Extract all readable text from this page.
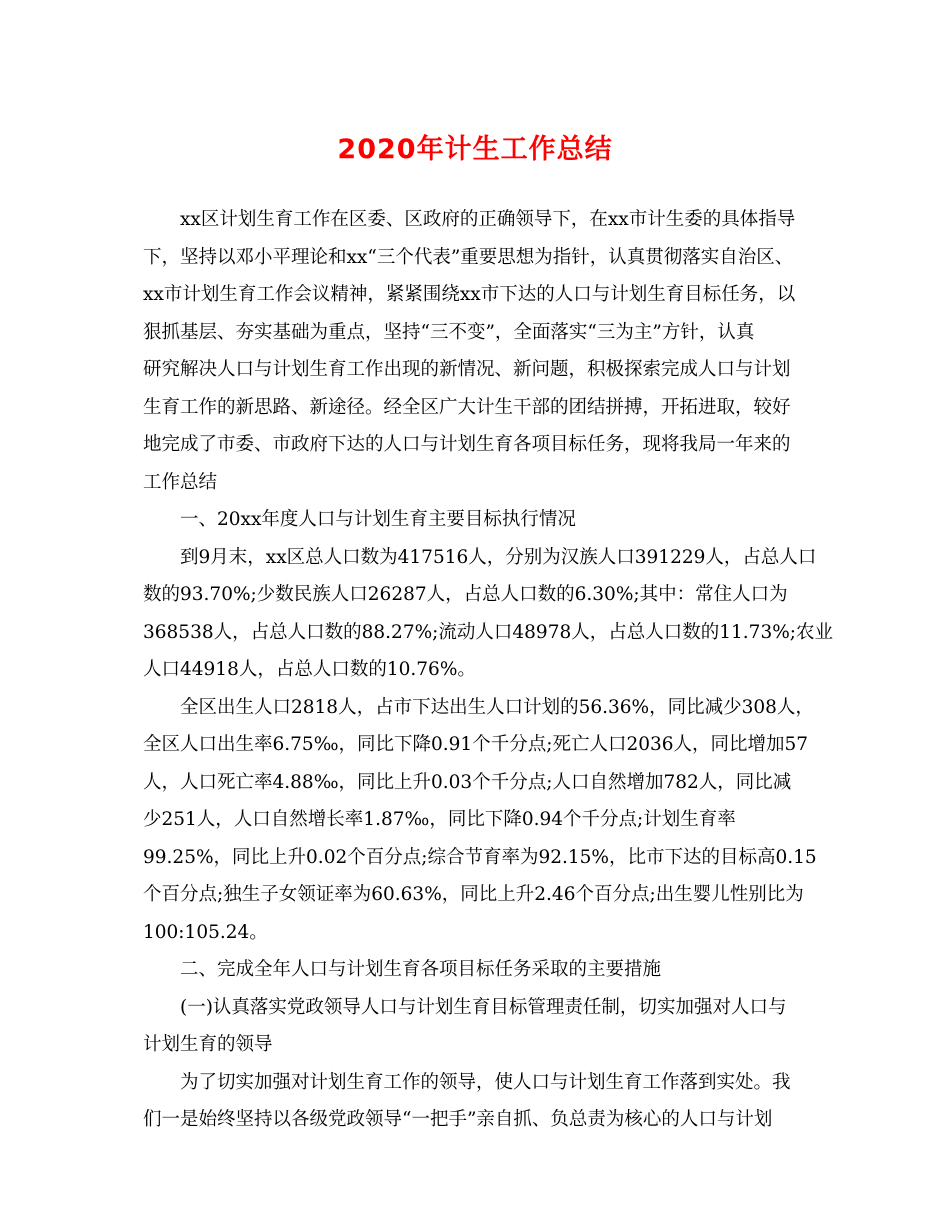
2020年计生工作总结

　　xx区计划生育工作在区委、区政府的正确领导下，在xx市计生委的具体指导

下，坚持以邓小平理论和xx“三个代表”重要思想为指针，认真贯彻落实自治区、

xx市计划生育工作会议精神，紧紧围绕xx市下达的人口与计划生育目标任务，以

狠抓基层、夯实基础为重点，坚持“三不变”，全面落实“三为主”方针，认真

研究解决人口与计划生育工作出现的新情况、新问题，积极探索完成人口与计划

生育工作的新思路、新途径。经全区广大计生干部的团结拼搏，开拓进取，较好

地完成了市委、市政府下达的人口与计划生育各项目标任务，现将我局一年来的

工作总结

　　一、20xx年度人口与计划生育主要目标执行情况

　　到9月末，xx区总人口数为417516人，分别为汉族人口391229人，占总人口

数的93.70%;少数民族人口26287人，占总人口数的6.30%;其中：常住人口为

368538人，占总人口数的88.27%;流动人口48978人，占总人口数的11.73%;农业

人口44918人，占总人口数的10.76%。

　　全区出生人口2818人，占市下达出生人口计划的56.36%，同比减少308人，

全区人口出生率6.75‰，同比下降0.91个千分点;死亡人口2036人，同比增加57

人，人口死亡率4.88‰，同比上升0.03个千分点;人口自然增加782人，同比减

少251人，人口自然增长率1.87‰，同比下降0.94个千分点;计划生育率

99.25%，同比上升0.02个百分点;综合节育率为92.15%，比市下达的目标高0.15

个百分点;独生子女领证率为60.63%，同比上升2.46个百分点;出生婴儿性别比为

100:105.24。

　　二、完成全年人口与计划生育各项目标任务采取的主要措施

　　(一)认真落实党政领导人口与计划生育目标管理责任制，切实加强对人口与

计划生育的领导

　　为了切实加强对计划生育工作的领导，使人口与计划生育工作落到实处。我

们一是始终坚持以各级党政领导“一把手”亲自抓、负总责为核心的人口与计划
